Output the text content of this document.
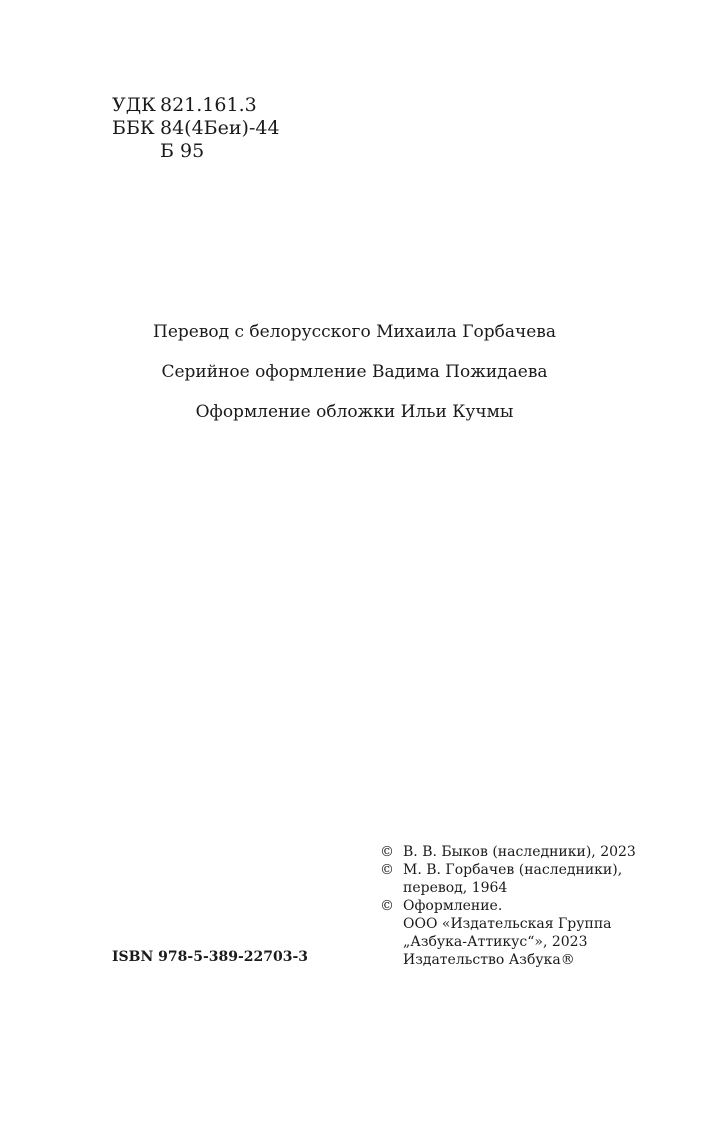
УДК 821.161.3
ББК 84(4Беи)-44
Б 95
Перевод с белорусского Михаила Горбачева
Серийное оформление Вадима Пожидаева
Оформление обложки Ильи Кучмы
ISBN 978-5-389-22703-3
© В. В. Быков (наследники), 2023
© М. В. Горбачев (наследники),
перевод, 1964
© Оформление.
ООО «Издательская Группа
„Азбука-Аттикус“», 2023
Издательство Азбука®
